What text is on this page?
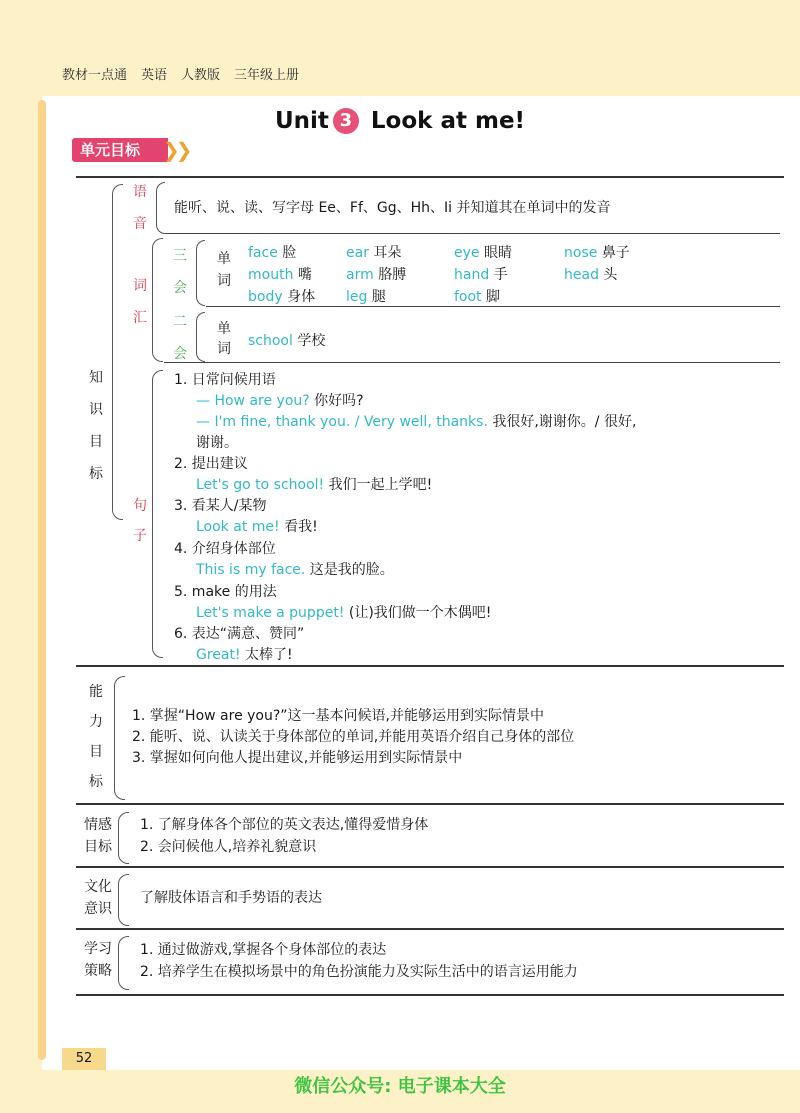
教材一点通 英语 人教版 三年级上册
Unit 3 Look at me!
单元目标	❯❯
知
识
目
标
语
音
能听、说、读、写字母 Ee、Ff、Gg、Hh、Ii 并知道其在单词中的发音
词
汇
三
会
单
词
face 脸	ear 耳朵	eye 眼睛	nose 鼻子
mouth 嘴 arm 胳膊	hand 手	head 头
body 身体 leg 腿	foot 脚
二
会
单
词 school 学校
句
子
1. 日常问候用语
— How are you? 你好吗?
— I'm fine, thank you. / Very well, thanks. 我很好,谢谢你。/ 很好,
谢谢。
2. 提出建议
Let's go to school! 我们一起上学吧!
3. 看某人/某物
Look at me! 看我!
4. 介绍身体部位
This is my face. 这是我的脸。
5. make 的用法
Let's make a puppet! (让)我们做一个木偶吧!
6. 表达“满意、赞同”
Great! 太棒了!
能
力
目
标
1. 掌握“How are you?”这一基本问候语,并能够运用到实际情景中
2. 能听、说、认读关于身体部位的单词,并能用英语介绍自己身体的部位
3. 掌握如何向他人提出建议,并能够运用到实际情景中
情感
目标
1. 了解身体各个部位的英文表达,懂得爱惜身体
2. 会问候他人,培养礼貌意识
文化
意识
了解肢体语言和手势语的表达
学习
策略
1. 通过做游戏,掌握各个身体部位的表达
2. 培养学生在模拟场景中的角色扮演能力及实际生活中的语言运用能力
52
微信公众号: 电子课本大全
